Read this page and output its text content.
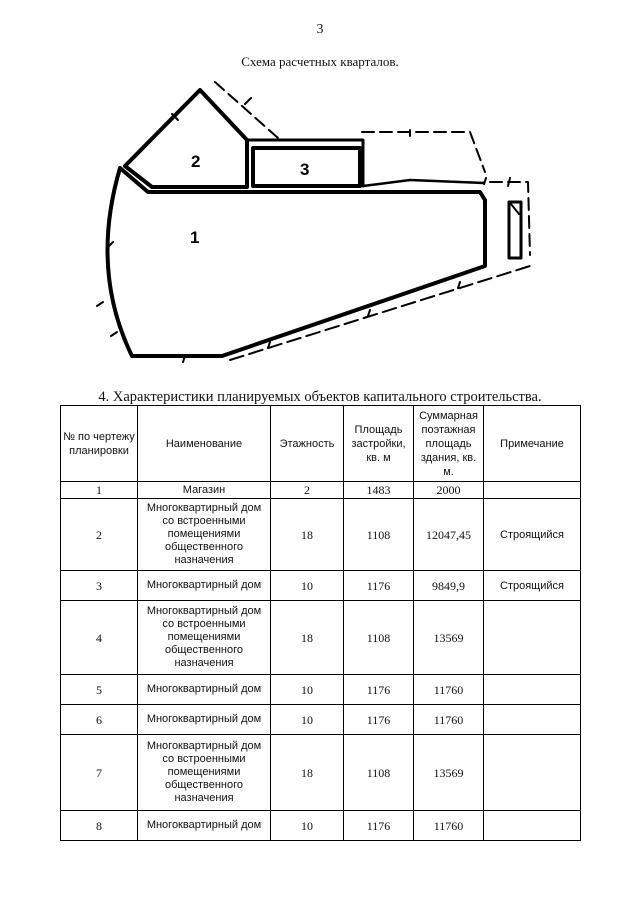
3
Схема расчетных кварталов.
1
2	3
4. Характеристики планируемых объектов капитального строительства.
№ по чертежу планировки	Наименование	Этажность	Площадь застройки, кв. м	Суммарная поэтажная площадь здания, кв. м.	Примечание
1	Магазин	2	1483	2000	
2	Многоквартирный дом со встроенными помещениями общественного назначения	18	1108	12047,45	Строящийся
3	Многоквартирный дом	10	1176	9849,9	Строящийся
4	Многоквартирный дом со встроенными помещениями общественного назначения	18	1108	13569	
5	Многоквартирный дом	10	1176	11760	
6	Многоквартирный дом	10	1176	11760	
7	Многоквартирный дом со встроенными помещениями общественного назначения	18	1108	13569	
8	Многоквартирный дом	10	1176	11760	
